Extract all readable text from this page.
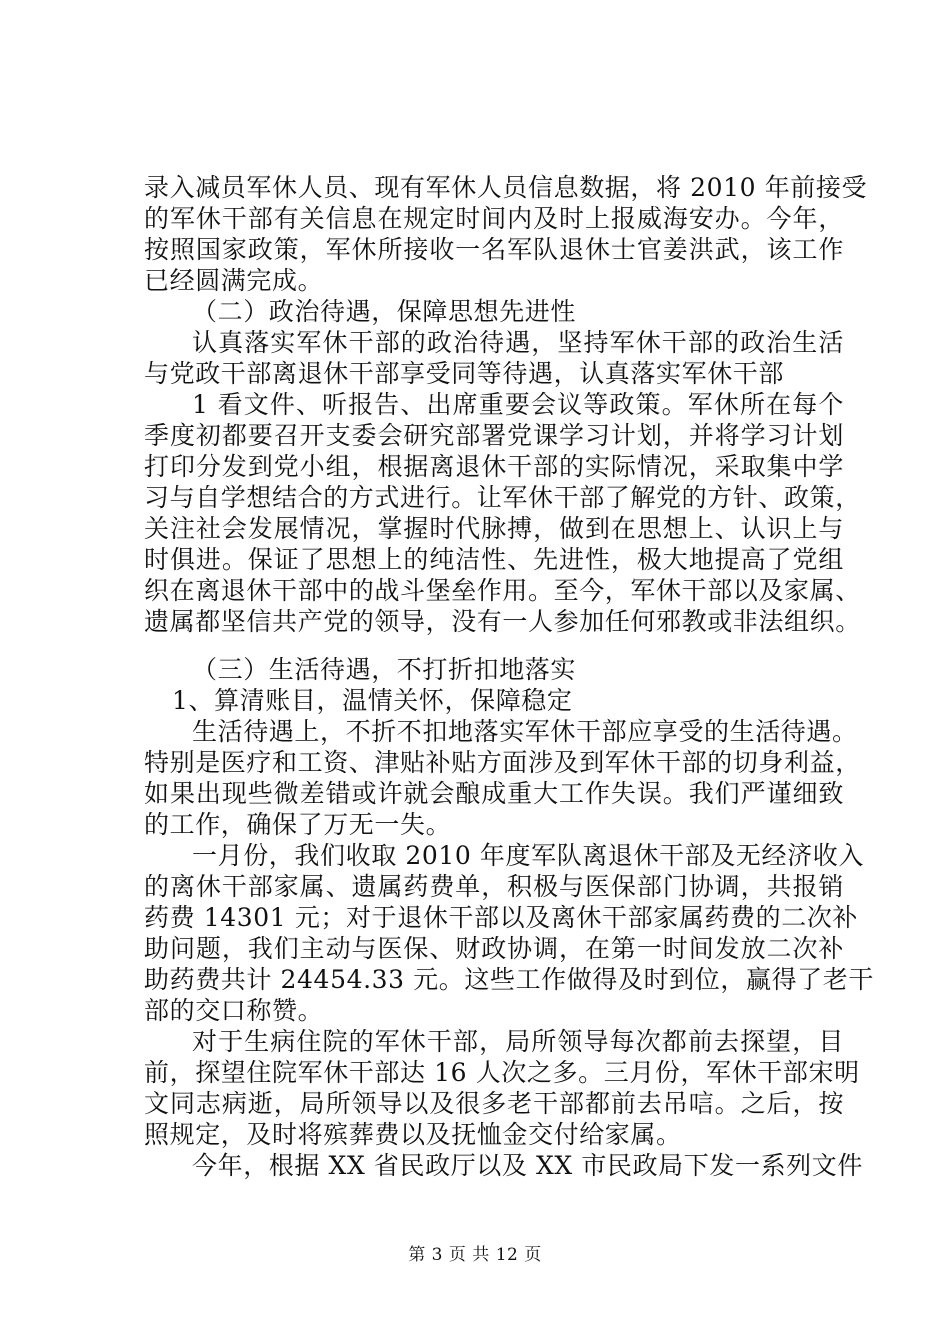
录入减员军休人员、现有军休人员信息数据，将 2010 年前接受
的军休干部有关信息在规定时间内及时上报威海安办。今年，
按照国家政策，军休所接收一名军队退休士官姜洪武，该工作
已经圆满完成。
（二）政治待遇，保障思想先进性
认真落实军休干部的政治待遇，坚持军休干部的政治生活
与党政干部离退休干部享受同等待遇，认真落实军休干部
1 看文件、听报告、出席重要会议等政策。军休所在每个
季度初都要召开支委会研究部署党课学习计划，并将学习计划
打印分发到党小组，根据离退休干部的实际情况，采取集中学
习与自学想结合的方式进行。让军休干部了解党的方针、政策，
关注社会发展情况，掌握时代脉搏，做到在思想上、认识上与
时俱进。保证了思想上的纯洁性、先进性，极大地提高了党组
织在离退休干部中的战斗堡垒作用。至今，军休干部以及家属、
遗属都坚信共产党的领导，没有一人参加任何邪教或非法组织。
（三）生活待遇，不打折扣地落实
1、算清账目，温情关怀，保障稳定
生活待遇上，不折不扣地落实军休干部应享受的生活待遇。
特别是医疗和工资、津贴补贴方面涉及到军休干部的切身利益，
如果出现些微差错或许就会酿成重大工作失误。我们严谨细致
的工作，确保了万无一失。
一月份，我们收取 2010 年度军队离退休干部及无经济收入
的离休干部家属、遗属药费单，积极与医保部门协调，共报销
药费 14301 元；对于退休干部以及离休干部家属药费的二次补
助问题，我们主动与医保、财政协调，在第一时间发放二次补
助药费共计 24454.33 元。这些工作做得及时到位，赢得了老干
部的交口称赞。
对于生病住院的军休干部，局所领导每次都前去探望，目
前，探望住院军休干部达 16 人次之多。三月份，军休干部宋明
文同志病逝，局所领导以及很多老干部都前去吊唁。之后，按
照规定，及时将殡葬费以及抚恤金交付给家属。
今年，根据 XX 省民政厅以及 XX 市民政局下发一系列文件
第 3 页 共 12 页
